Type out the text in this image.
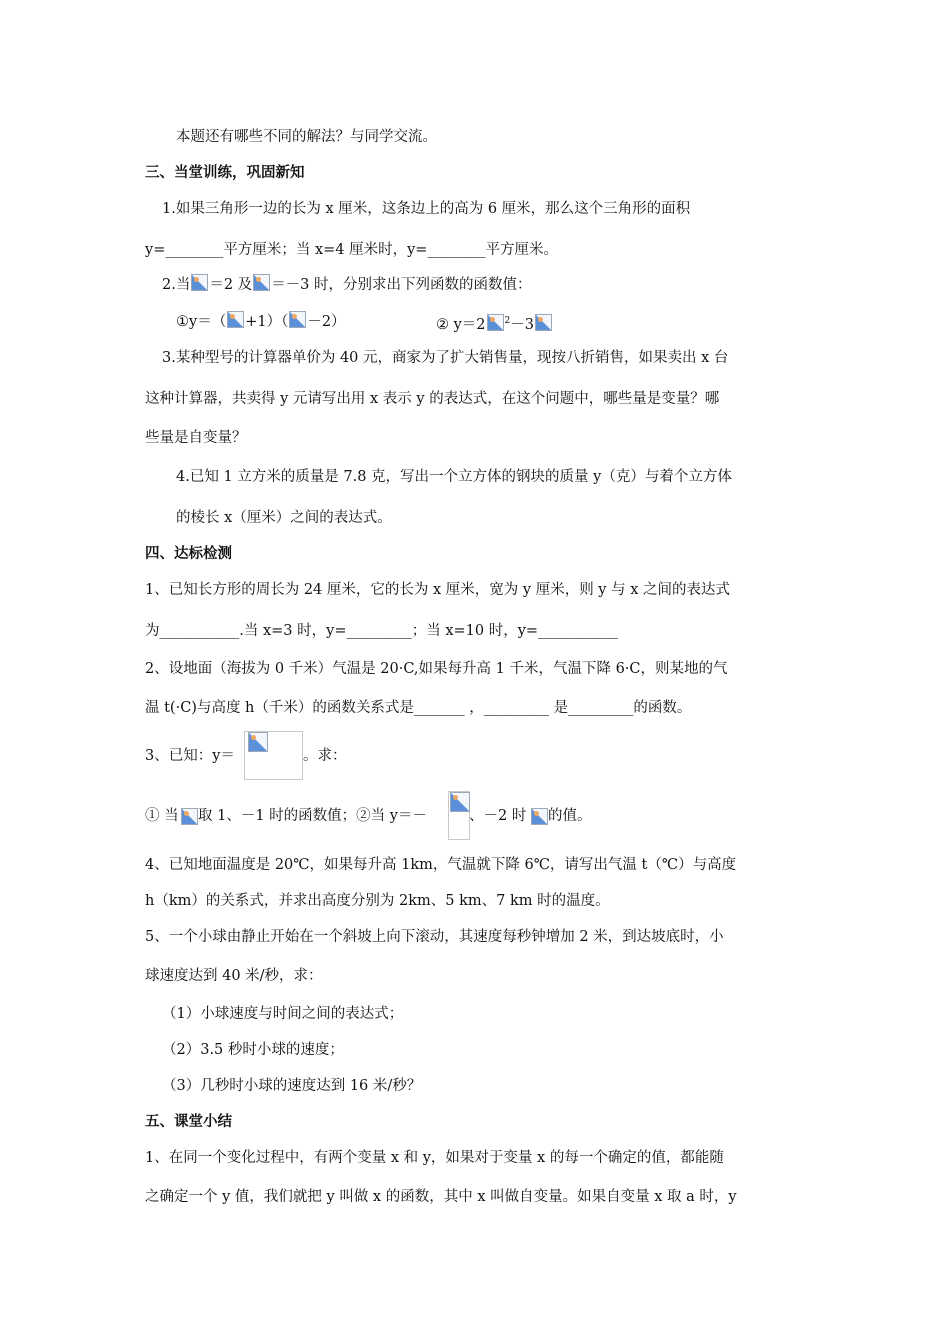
本题还有哪些不同的解法？与同学交流。
三、当堂训练，巩固新知
1.如果三角形一边的长为 x 厘米，这条边上的高为 6 厘米，那么这个三角形的面积
y=________平方厘米；当 x=4 厘米时，y=________平方厘米。
2.当 ＝2 及 ＝－3 时，分别求出下列函数的函数值：
①y＝（ +1）（ －2）	② y＝2 $^2$－3
3.某种型号的计算器单价为 40 元，商家为了扩大销售量，现按八折销售，如果卖出 x 台
这种计算器，共卖得 y 元请写出用 x 表示 y 的表达式，在这个问题中，哪些量是变量？哪
些量是自变量？
4.已知 1 立方米的质量是 7.8 克，写出一个立方体的钢块的质量 y（克）与着个立方体
的棱长 x（厘米）之间的表达式。
四、达标检测
1、已知长方形的周长为 24 厘米，它的长为 x 厘米，宽为 y 厘米，则 y 与 x 之间的表达式
为___________.当 x=3 时，y=_________；当 x=10 时，y=___________
2、设地面（海拔为 0 千米）气温是 20·C,如果每升高 1 千米，气温下降 6·C，则某地的气
温 t(·C)与高度 h（千米）的函数关系式是_______ ，_________ 是_________的函数。
3、已知：y＝	。求：
① 当 取 1、－1 时的函数值；②当 y＝－	、－2 时 的值。
4、已知地面温度是 20℃，如果每升高 1km，气温就下降 6℃，请写出气温 t（℃）与高度
h（km）的关系式，并求出高度分别为 2km、5 km、7 km 时的温度。
5、一个小球由静止开始在一个斜坡上向下滚动，其速度每秒钟增加 2 米，到达坡底时，小
球速度达到 40 米/秒，求：
（1）小球速度与时间之间的表达式；
（2）3.5 秒时小球的速度；
（3）几秒时小球的速度达到 16 米/秒？
五、课堂小结
1、在同一个变化过程中，有两个变量 x 和 y，如果对于变量 x 的每一个确定的值，都能随
之确定一个 y 值，我们就把 y 叫做 x 的函数，其中 x 叫做自变量。如果自变量 x 取 a 时，y
